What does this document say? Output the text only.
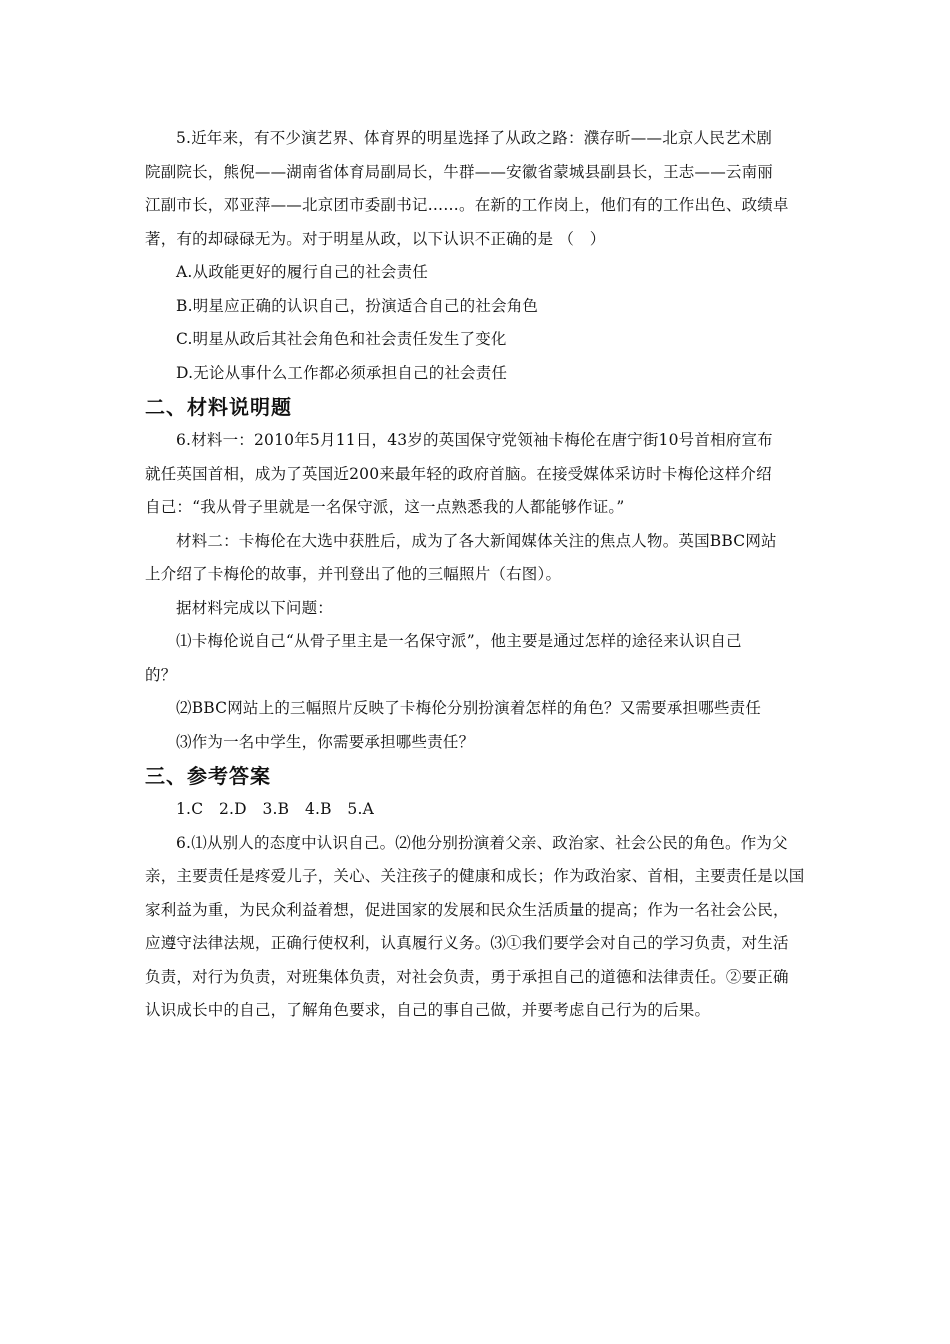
5.近年来，有不少演艺界、体育界的明星选择了从政之路：濮存昕——北京人民艺术剧
院副院长，熊倪——湖南省体育局副局长，牛群——安徽省蒙城县副县长，王志——云南丽
江副市长，邓亚萍——北京团市委副书记……。在新的工作岗上，他们有的工作出色、政绩卓
著，有的却碌碌无为。对于明星从政，以下认识不正确的是 （　）
A.从政能更好的履行自己的社会责任
B.明星应正确的认识自己，扮演适合自己的社会角色
C.明星从政后其社会角色和社会责任发生了变化
D.无论从事什么工作都必须承担自己的社会责任
二、材料说明题
6.材料一：2010年5月11日，43岁的英国保守党领袖卡梅伦在唐宁街10号首相府宣布
就任英国首相，成为了英国近200来最年轻的政府首脑。在接受媒体采访时卡梅伦这样介绍
自己：“我从骨子里就是一名保守派，这一点熟悉我的人都能够作证。”
材料二：卡梅伦在大选中获胜后，成为了各大新闻媒体关注的焦点人物。英国BBC网站
上介绍了卡梅伦的故事，并刊登出了他的三幅照片（右图）。
据材料完成以下问题：
⑴卡梅伦说自己“从骨子里主是一名保守派”，他主要是通过怎样的途径来认识自己
的？
⑵BBC网站上的三幅照片反映了卡梅伦分别扮演着怎样的角色？又需要承担哪些责任
⑶作为一名中学生，你需要承担哪些责任？
三、参考答案
1.C　2.D　3.B　4.B　5.A
6.⑴从别人的态度中认识自己。⑵他分别扮演着父亲、政治家、社会公民的角色。作为父
亲，主要责任是疼爱儿子，关心、关注孩子的健康和成长；作为政治家、首相，主要责任是以国
家利益为重，为民众利益着想，促进国家的发展和民众生活质量的提高；作为一名社会公民，
应遵守法律法规，正确行使权利，认真履行义务。⑶①我们要学会对自己的学习负责，对生活
负责，对行为负责，对班集体负责，对社会负责，勇于承担自己的道德和法律责任。②要正确
认识成长中的自己，了解角色要求，自己的事自己做，并要考虑自己行为的后果。
